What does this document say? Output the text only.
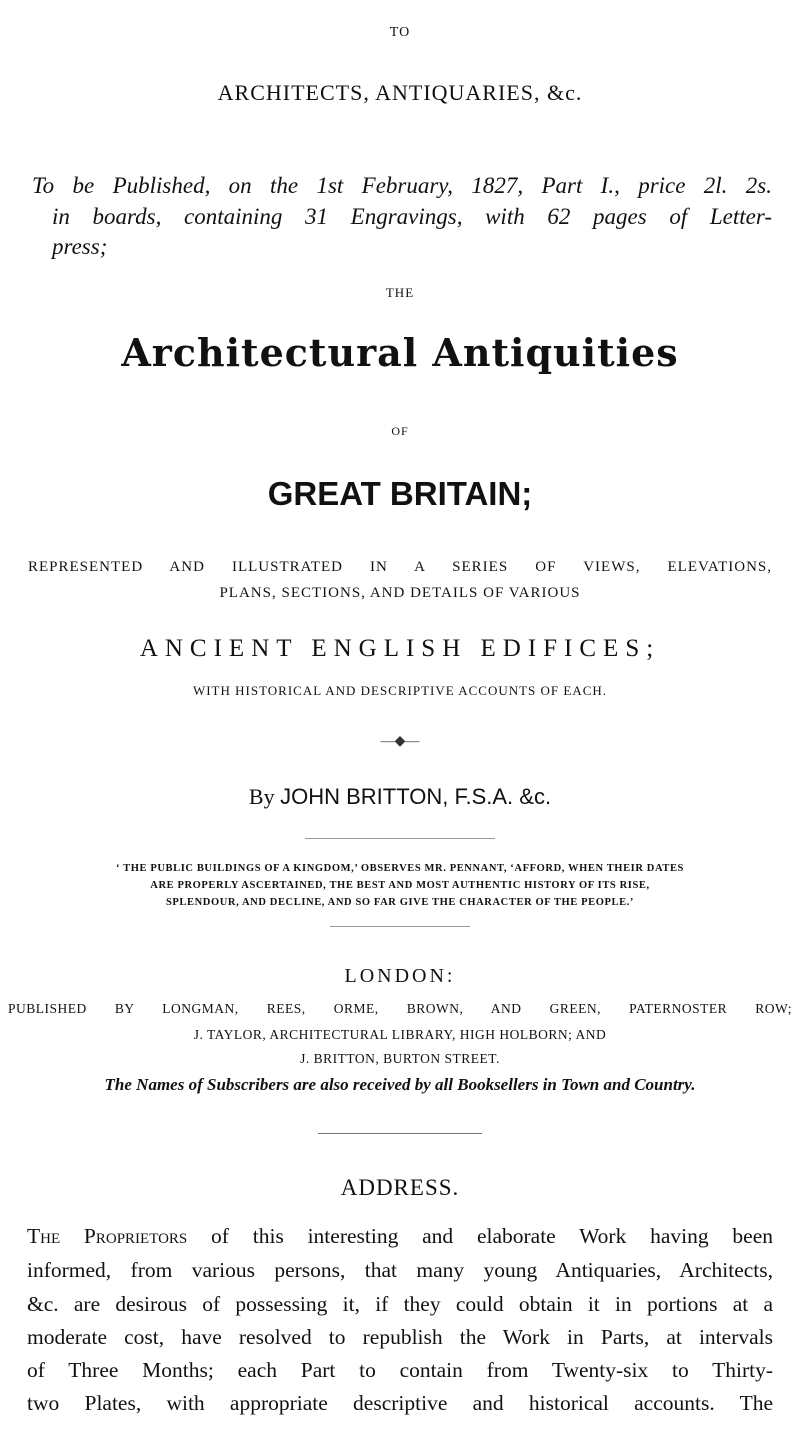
TO
ARCHITECTS, ANTIQUARIES, &c.
To be Published, on the 1st February, 1827, Part I., price 2l. 2s.
in boards, containing 31 Engravings, with 62 pages of Letter-
press;
THE
Architectural Antiquities
OF
GREAT BRITAIN;
REPRESENTED AND ILLUSTRATED IN A SERIES OF VIEWS, ELEVATIONS,
PLANS, SECTIONS, AND DETAILS OF VARIOUS
ANCIENT ENGLISH EDIFICES;
WITH HISTORICAL AND DESCRIPTIVE ACCOUNTS OF EACH.
—◆—
By JOHN BRITTON, F.S.A. &c.
‘ THE PUBLIC BUILDINGS OF A KINGDOM,’ OBSERVES MR. PENNANT, ‘AFFORD, WHEN THEIR DATES
ARE PROPERLY ASCERTAINED, THE BEST AND MOST AUTHENTIC HISTORY OF ITS RISE,
SPLENDOUR, AND DECLINE, AND SO FAR GIVE THE CHARACTER OF THE PEOPLE.’
LONDON:
PUBLISHED BY LONGMAN, REES, ORME, BROWN, AND GREEN, PATERNOSTER ROW;
J. TAYLOR, ARCHITECTURAL LIBRARY, HIGH HOLBORN; AND
J. BRITTON, BURTON STREET.
The Names of Subscribers are also received by all Booksellers in Town and Country.
ADDRESS.
The Proprietors of this interesting and elaborate Work having been
informed, from various persons, that many young Antiquaries, Architects,
&c. are desirous of possessing it, if they could obtain it in portions at a
moderate cost, have resolved to republish the Work in Parts, at intervals
of Three Months; each Part to contain from Twenty-six to Thirty-
two Plates, with appropriate descriptive and historical accounts. The
